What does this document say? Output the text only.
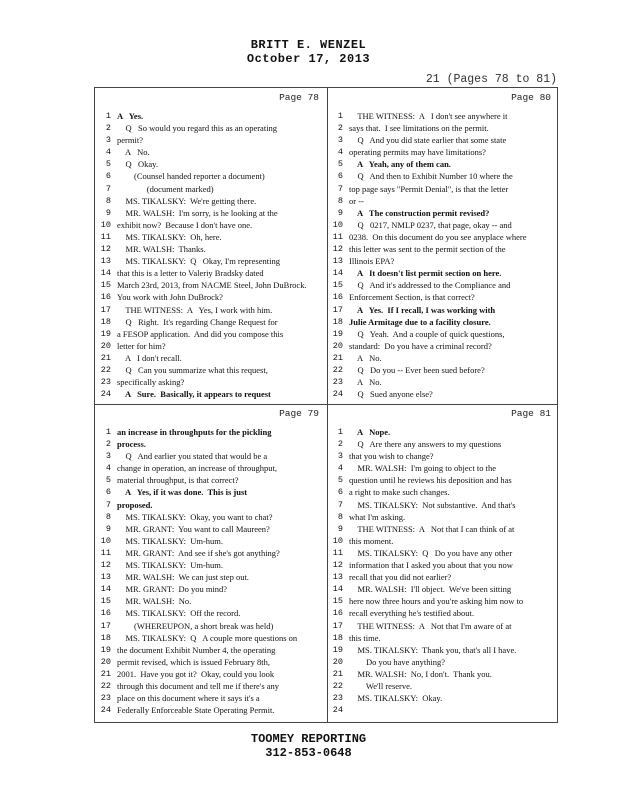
BRITT E. WENZEL
October 17, 2013
21 (Pages 78 to 81)
Page 78
1 A   Yes.
2 Q   So would you regard this as an operating
3 permit?
4 A   No.
5 Q   Okay.
6 (Counsel handed reporter a document)
7 (document marked)
8 MS. TIKALSKY:  We're getting there.
9 MR. WALSH:  I'm sorry, is he looking at the
10 exhibit now?  Because I don't have one.
11 MS. TIKALSKY:  Oh, here.
12 MR. WALSH:  Thanks.
13 MS. TIKALSKY:  Q   Okay, I'm representing
14 that this is a letter to Valeriy Bradsky dated
15 March 23rd, 2013, from NACME Steel, John DuBrock.
16 You work with John DuBrock?
17 THE WITNESS:  A   Yes, I work with him.
18 Q   Right.  It's regarding Change Request for
19 a FESOP application.  And did you compose this
20 letter for him?
21 A   I don't recall.
22 Q   Can you summarize what this request,
23 specifically asking?
24 A   Sure.  Basically, it appears to request
Page 80
1 THE WITNESS:  A   I don't see anywhere it
2 says that.  I see limitations on the permit.
3 Q   And you did state earlier that some state
4 operating permits may have limitations?
5 A   Yeah, any of them can.
6 Q   And then to Exhibit Number 10 where the
7 top page says "Permit Denial", is that the letter
8 or --
9 A   The construction permit revised?
10 Q   0217, NMLP 0237, that page, okay -- and
11 0238.  On this document do you see anyplace where
12 this letter was sent to the permit section of the
13 Illinois EPA?
14 A   It doesn't list permit section on here.
15 Q   And it's addressed to the Compliance and
16 Enforcement Section, is that correct?
17 A   Yes.  If I recall, I was working with
18 Julie Armitage due to a facility closure.
19 Q   Yeah.  And a couple of quick questions,
20 standard:  Do you have a criminal record?
21 A   No.
22 Q   Do you -- Ever been sued before?
23 A   No.
24 Q   Sued anyone else?
Page 79
1 an increase in throughputs for the pickling
2 process.
3 Q   And earlier you stated that would be a
4 change in operation, an increase of throughput,
5 material throughput, is that correct?
6 A   Yes, if it was done.  This is just
7 proposed.
8 MS. TIKALSKY:  Okay, you want to chat?
9 MR. GRANT:  You want to call Maureen?
10 MS. TIKALSKY:  Um-hum.
11 MR. GRANT:  And see if she's got anything?
12 MS. TIKALSKY:  Um-hum.
13 MR. WALSH:  We can just step out.
14 MR. GRANT:  Do you mind?
15 MR. WALSH:  No.
16 MS. TIKALSKY:  Off the record.
17 (WHEREUPON, a short break was held)
18 MS. TIKALSKY:  Q   A couple more questions on
19 the document Exhibit Number 4, the operating
20 permit revised, which is issued February 8th,
21 2001.  Have you got it?  Okay, could you look
22 through this document and tell me if there's any
23 place on this document where it says it's a
24 Federally Enforceable State Operating Permit.
Page 81
1 A   Nope.
2 Q   Are there any answers to my questions
3 that you wish to change?
4 MR. WALSH:  I'm going to object to the
5 question until he reviews his deposition and has
6 a right to make such changes.
7 MS. TIKALSKY:  Not substantive.  And that's
8 what I'm asking.
9 THE WITNESS:  A   Not that I can think of at
10 this moment.
11 MS. TIKALSKY:  Q   Do you have any other
12 information that I asked you about that you now
13 recall that you did not earlier?
14 MR. WALSH:  I'll object.  We've been sitting
15 here now three hours and you're asking him now to
16 recall everything he's testified about.
17 THE WITNESS:  A   Not that I'm aware of at
18 this time.
19 MS. TIKALSKY:  Thank you, that's all I have.
20 Do you have anything?
21 MR. WALSH:  No, I don't.  Thank you.
22 We'll reserve.
23 MS. TIKALSKY:  Okay.
24
TOOMEY REPORTING
312-853-0648
